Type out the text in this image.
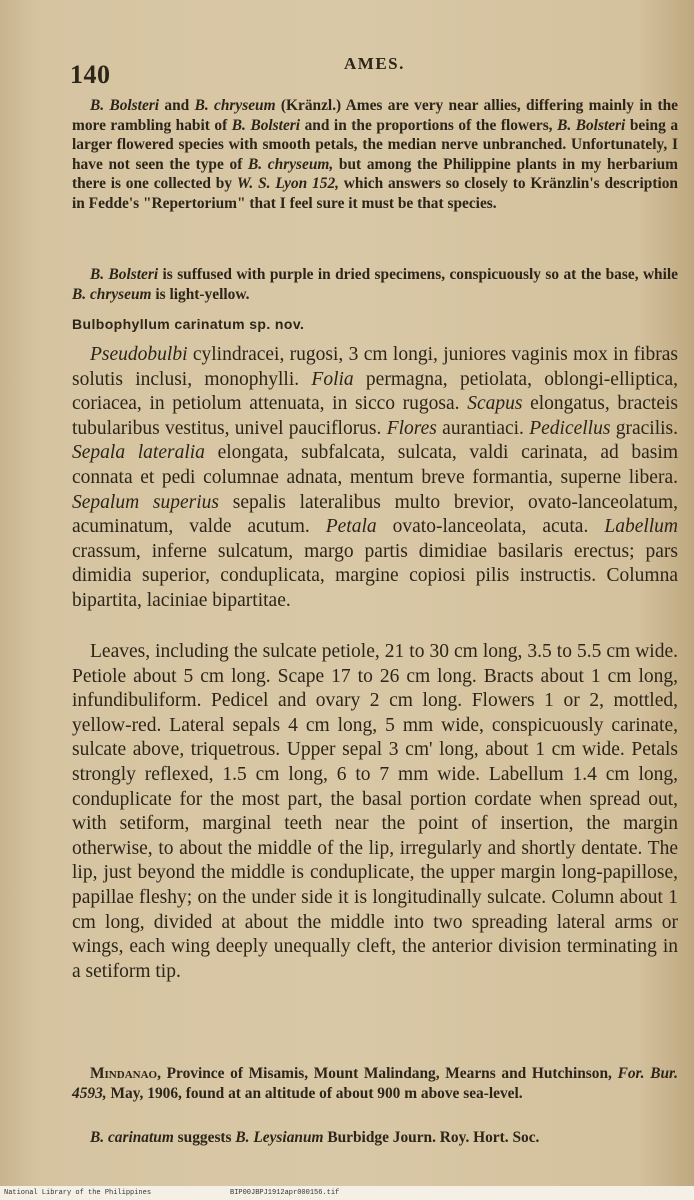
140	AMES.

B. Bolsteri and B. chryseum (Kränzl.) Ames are very near allies, differing mainly in the more rambling habit of B. Bolsteri and in the proportions of the flowers, B. Bolsteri being a larger flowered species with smooth petals, the median nerve unbranched. Unfortunately, I have not seen the type of B. chryseum, but among the Philippine plants in my herbarium there is one collected by W. S. Lyon 152, which answers so closely to Kränzlin's description in Fedde's "Repertorium" that I feel sure it must be that species.

B. Bolsteri is suffused with purple in dried specimens, conspicuously so at the base, while B. chryseum is light-yellow.

Bulbophyllum carinatum sp. nov.

Pseudobulbi cylindracei, rugosi, 3 cm longi, juniores vaginis mox in fibras solutis inclusi, monophylli. Folia permagna, petiolata, oblongi-elliptica, coriacea, in petiolum attenuata, in sicco rugosa. Scapus elongatus, bracteis tubularibus vestitus, univel pauciflorus. Flores aurantiaci. Pedicellus gracilis. Sepala lateralia elongata, subfalcata, sulcata, valdi carinata, ad basim connata et pedi columnae adnata, mentum breve formantia, superne libera. Sepalum superius sepalis lateralibus multo brevior, ovato-lanceolatum, acuminatum, valde acutum. Petala ovato-lanceolata, acuta. Labellum crassum, inferne sulcatum, margo partis dimidiae basilaris erectus; pars dimidia superior, conduplicata, margine copiosi pilis instructis. Columna bipartita, laciniae bipartitae.

Leaves, including the sulcate petiole, 21 to 30 cm long, 3.5 to 5.5 cm wide. Petiole about 5 cm long. Scape 17 to 26 cm long. Bracts about 1 cm long, infundibuliform. Pedicel and ovary 2 cm long. Flowers 1 or 2, mottled, yellow-red. Lateral sepals 4 cm long, 5 mm wide, conspicuously carinate, sulcate above, triquetrous. Upper sepal 3 cm' long, about 1 cm wide. Petals strongly reflexed, 1.5 cm long, 6 to 7 mm wide. Labellum 1.4 cm long, conduplicate for the most part, the basal portion cordate when spread out, with setiform, marginal teeth near the point of insertion, the margin otherwise, to about the middle of the lip, irregularly and shortly dentate. The lip, just beyond the middle is conduplicate, the upper margin long-papillose, papillae fleshy; on the under side it is longitudinally sulcate. Column about 1 cm long, divided at about the middle into two spreading lateral arms or wings, each wing deeply unequally cleft, the anterior division terminating in a setiform tip.

Mindanao, Province of Misamis, Mount Malindang, Mearns and Hutchinson, For. Bur. 4593, May, 1906, found at an altitude of about 900 m above sea-level.

B. carinatum suggests B. Leysianum Burbidge Journ. Roy. Hort. Soc.

National Library of the Philippines	BIP00JBPJ1912apr000156.tif
